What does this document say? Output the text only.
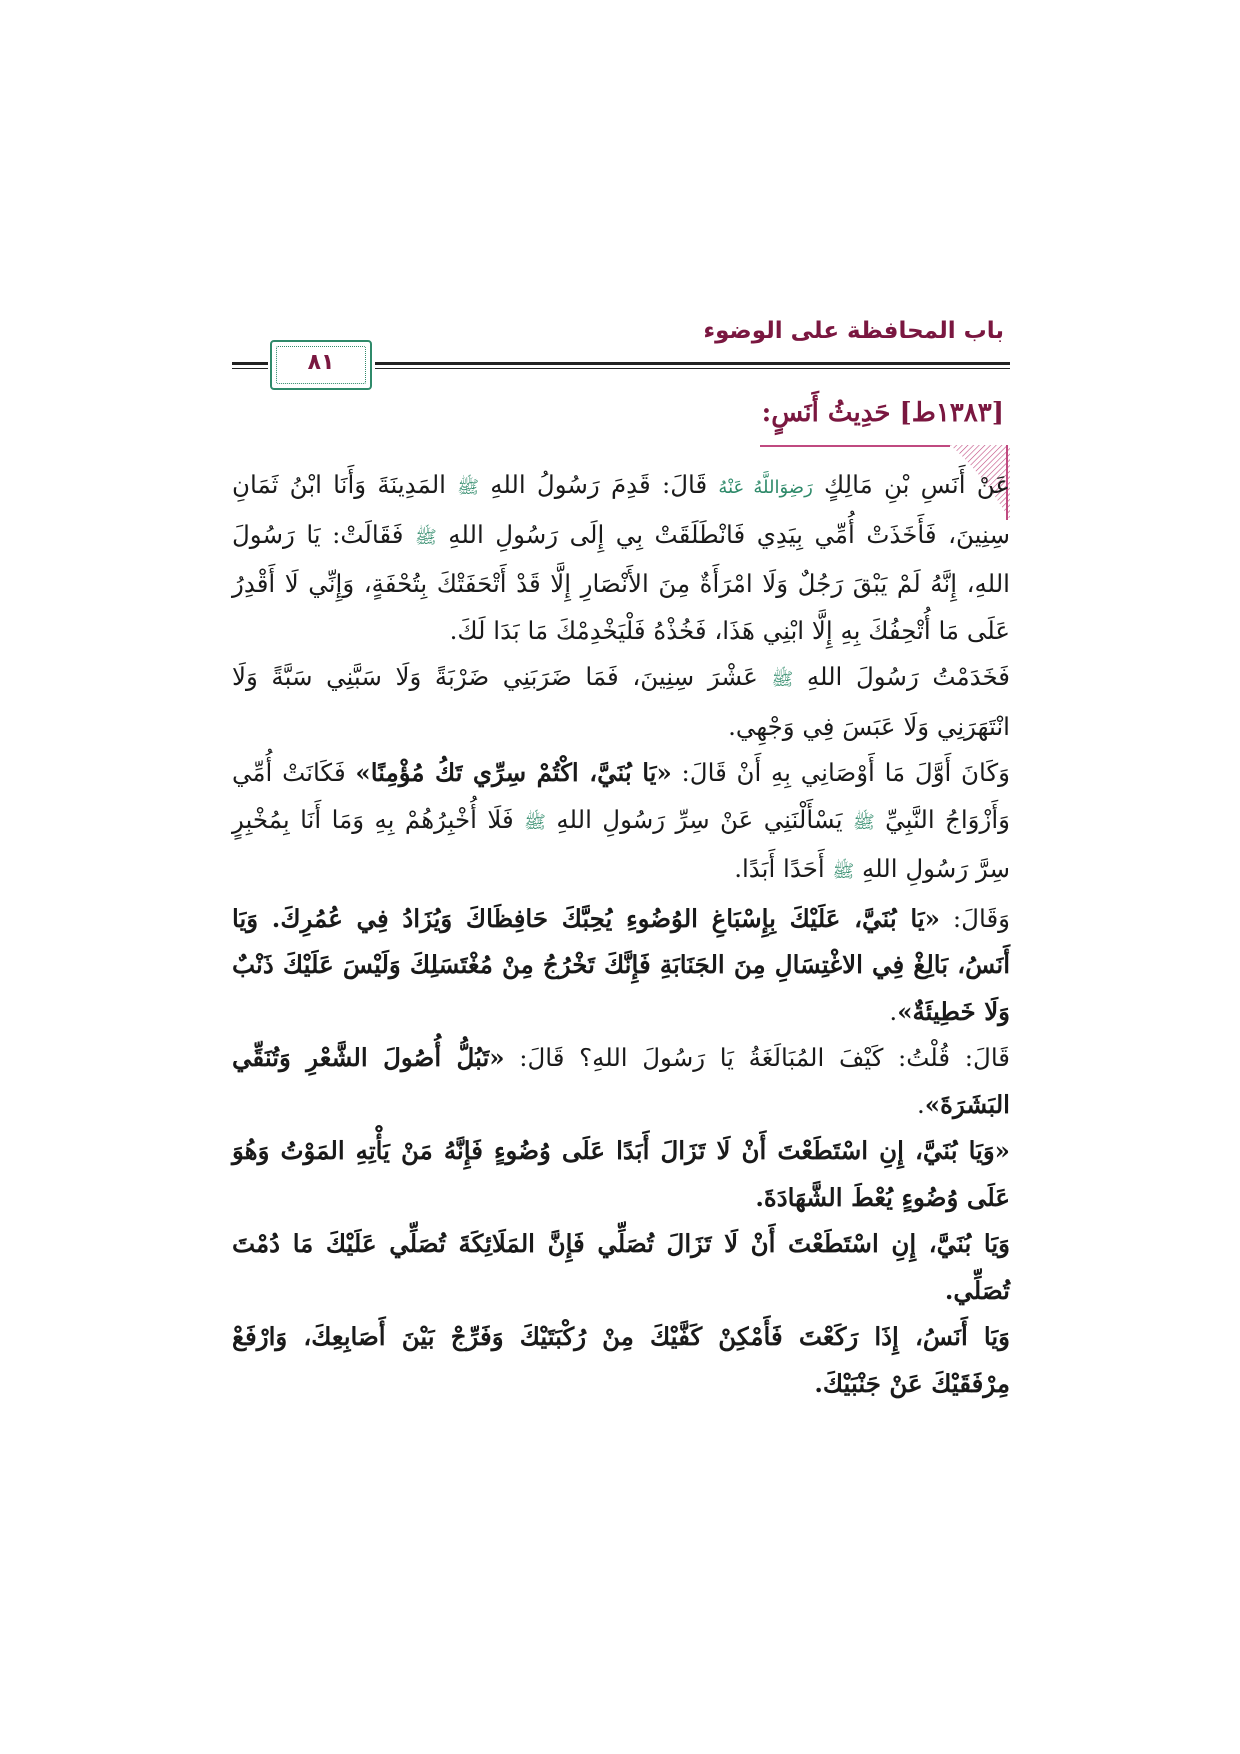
باب المحافظة على الوضوء
٨١
[١٣٨٣ط] حَدِيثُ أَنَسٍ:

عَنْ أَنَسِ بْنِ مَالِكٍ رَضِوَاللَّهُ عَنْهُ قَالَ: قَدِمَ رَسُولُ اللهِ ﷺ المَدِينَةَ وَأَنَا ابْنُ ثَمَانِ سِنِينَ، فَأَخَذَتْ أُمِّي بِيَدِي فَانْطَلَقَتْ بِي إِلَى رَسُولِ اللهِ ﷺ فَقَالَتْ: يَا رَسُولَ اللهِ، إِنَّهُ لَمْ يَبْقَ رَجُلٌ وَلَا امْرَأَةٌ مِنَ الأَنْصَارِ إِلَّا قَدْ أَتْحَفَتْكَ بِتُحْفَةٍ، وَإِنِّي لَا أَقْدِرُ عَلَى مَا أُتْحِفُكَ بِهِ إِلَّا ابْنِي هَذَا، فَخُذْهُ فَلْيَخْدِمْكَ مَا بَدَا لَكَ.

فَخَدَمْتُ رَسُولَ اللهِ ﷺ عَشْرَ سِنِينَ، فَمَا ضَرَبَنِي ضَرْبَةً وَلَا سَبَّنِي سَبَّةً وَلَا انْتَهَرَنِي وَلَا عَبَسَ فِي وَجْهِي.

وَكَانَ أَوَّلَ مَا أَوْصَانِي بِهِ أَنْ قَالَ: «يَا بُنَيَّ، اكْتُمْ سِرِّي تَكُ مُؤْمِنًا» فَكَانَتْ أُمِّي وَأَزْوَاجُ النَّبِيِّ ﷺ يَسْأَلْنَنِي عَنْ سِرِّ رَسُولِ اللهِ ﷺ فَلَا أُخْبِرُهُمْ بِهِ وَمَا أَنَا بِمُخْبِرٍ سِرَّ رَسُولِ اللهِ ﷺ أَحَدًا أَبَدًا.

وَقَالَ: «يَا بُنَيَّ، عَلَيْكَ بِإِسْبَاغِ الوُضُوءِ يُحِبَّكَ حَافِظَاكَ وَيُزَادُ فِي عُمُرِكَ. وَيَا أَنَسُ، بَالِغْ فِي الاغْتِسَالِ مِنَ الجَنَابَةِ فَإِنَّكَ تَخْرُجُ مِنْ مُغْتَسَلِكَ وَلَيْسَ عَلَيْكَ ذَنْبٌ وَلَا خَطِيئَةٌ».

قَالَ: قُلْتُ: كَيْفَ المُبَالَغَةُ يَا رَسُولَ اللهِ؟ قَالَ: «تَبُلُّ أُصُولَ الشَّعْرِ وَتُنَقِّي البَشَرَةَ».

«وَيَا بُنَيَّ، إِنِ اسْتَطَعْتَ أَنْ لَا تَزَالَ أَبَدًا عَلَى وُضُوءٍ فَإِنَّهُ مَنْ يَأْتِهِ المَوْتُ وَهُوَ عَلَى وُضُوءٍ يُعْطَ الشَّهَادَةَ.

وَيَا بُنَيَّ، إِنِ اسْتَطَعْتَ أَنْ لَا تَزَالَ تُصَلِّي فَإِنَّ المَلَائِكَةَ تُصَلِّي عَلَيْكَ مَا دُمْتَ تُصَلِّي.

وَيَا أَنَسُ، إِذَا رَكَعْتَ فَأَمْكِنْ كَفَّيْكَ مِنْ رُكْبَتَيْكَ وَفَرِّجْ بَيْنَ أَصَابِعِكَ، وَارْفَعْ مِرْفَقَيْكَ عَنْ جَنْبَيْكَ.
